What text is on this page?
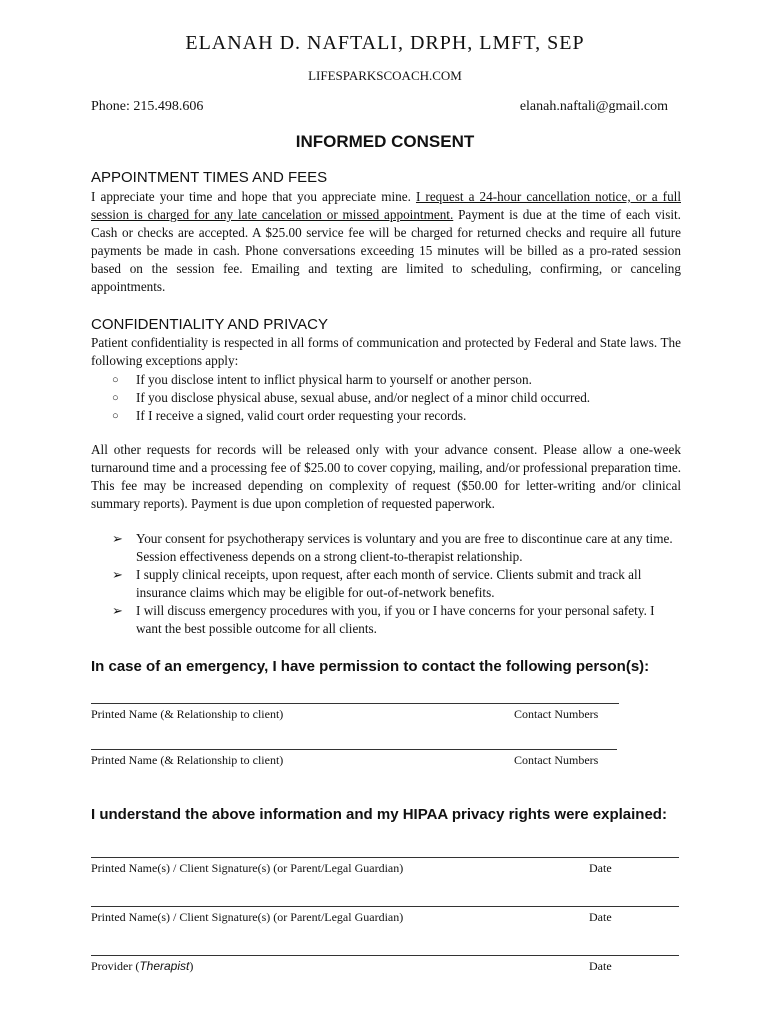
ELANAH D. NAFTALI, DRPH, LMFT, SEP
LIFESPARKSCOACH.COM
Phone: 215.498.606	elanah.naftali@gmail.com
INFORMED CONSENT
APPOINTMENT TIMES AND FEES
I appreciate your time and hope that you appreciate mine. I request a 24-hour cancellation notice, or a full session is charged for any late cancelation or missed appointment. Payment is due at the time of each visit. Cash or checks are accepted. A $25.00 service fee will be charged for returned checks and require all future payments be made in cash. Phone conversations exceeding 15 minutes will be billed as a pro-rated session based on the session fee. Emailing and texting are limited to scheduling, confirming, or canceling appointments.
CONFIDENTIALITY AND PRIVACY
Patient confidentiality is respected in all forms of communication and protected by Federal and State laws. The following exceptions apply:
○ If you disclose intent to inflict physical harm to yourself or another person.
○ If you disclose physical abuse, sexual abuse, and/or neglect of a minor child occurred.
○ If I receive a signed, valid court order requesting your records.
All other requests for records will be released only with your advance consent. Please allow a one-week turnaround time and a processing fee of $25.00 to cover copying, mailing, and/or professional preparation time. This fee may be increased depending on complexity of request ($50.00 for letter-writing and/or clinical summary reports). Payment is due upon completion of requested paperwork.
➢ Your consent for psychotherapy services is voluntary and you are free to discontinue care at any time. Session effectiveness depends on a strong client-to-therapist relationship.
➢ I supply clinical receipts, upon request, after each month of service. Clients submit and track all insurance claims which may be eligible for out-of-network benefits.
➢ I will discuss emergency procedures with you, if you or I have concerns for your personal safety. I want the best possible outcome for all clients.
In case of an emergency, I have permission to contact the following person(s):
Printed Name (& Relationship to client)	Contact Numbers
Printed Name (& Relationship to client)	Contact Numbers
I understand the above information and my HIPAA privacy rights were explained:
Printed Name(s) / Client Signature(s) (or Parent/Legal Guardian)	Date
Printed Name(s) / Client Signature(s) (or Parent/Legal Guardian)	Date
Provider (Therapist)	Date
